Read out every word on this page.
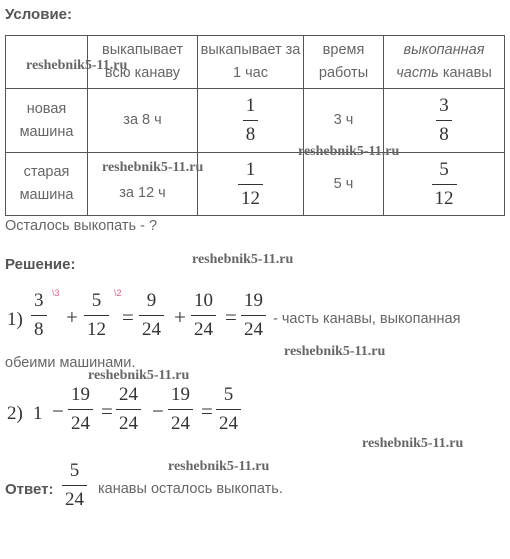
Условие:
	выкапывает всю канаву	выкапывает за 1 час	время работы	выкопанная часть канавы
новая машина	за 8 ч	$\frac{1}{8}$	3 ч	$\frac{3}{8}$

старая машина	за 12 ч	$\frac{1}{12}$	5 ч	$\frac{5}{12}$
Осталось выкопать - ?
Решение:
1)
3
8
\3
+
5
12
\2
=
9
24
+
10
24
=
19
24 - часть канавы, выкопанная
обеими машинами.
2) 1 −
19
24
=
24
24
−
19
24
=
5
24
Ответ:
5
24 канавы осталось выкопать.
reshebnik5-11.ru
reshebnik5-11.ru
reshebnik5-11.ru
reshebnik5-11.ru
reshebnik5-11.ru
reshebnik5-11.ru
reshebnik5-11.ru
reshebnik5-11.ru
